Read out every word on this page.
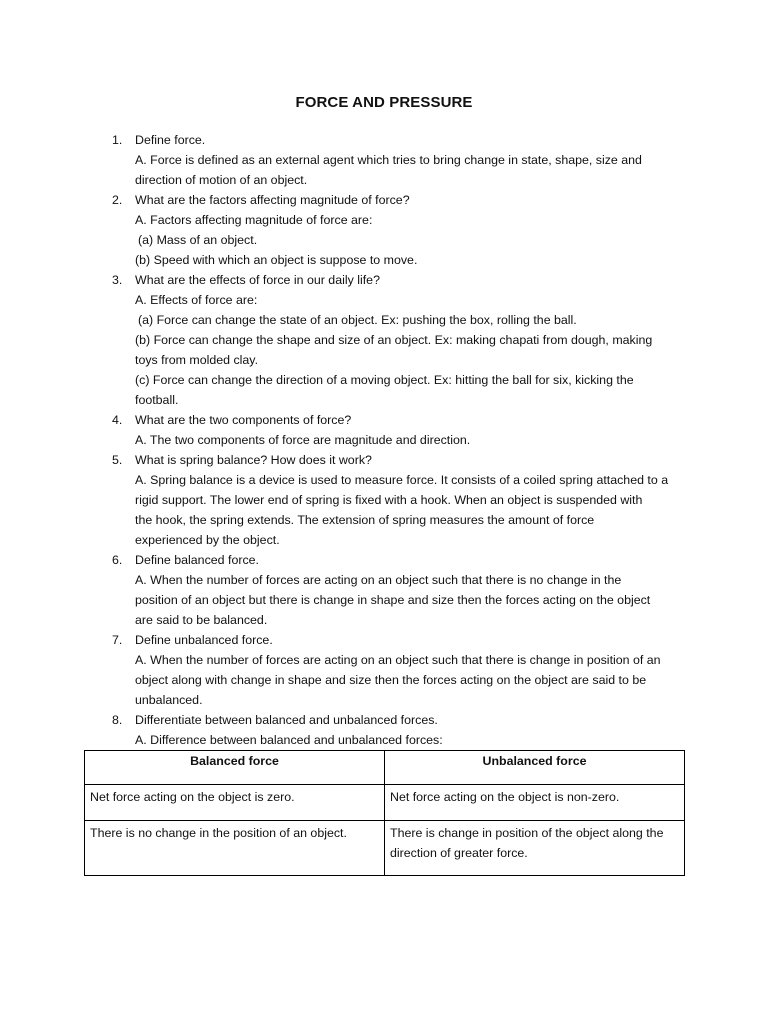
FORCE AND PRESSURE
1. Define force.
A. Force is defined as an external agent which tries to bring change in state, shape, size and
direction of motion of an object.
2. What are the factors affecting magnitude of force?
A. Factors affecting magnitude of force are:
(a) Mass of an object.
(b) Speed with which an object is suppose to move.
3. What are the effects of force in our daily life?
A. Effects of force are:
(a) Force can change the state of an object. Ex: pushing the box, rolling the ball.
(b) Force can change the shape and size of an object. Ex: making chapati from dough, making
toys from molded clay.
(c) Force can change the direction of a moving object. Ex: hitting the ball for six, kicking the
football.
4. What are the two components of force?
A. The two components of force are magnitude and direction.
5. What is spring balance? How does it work?
A. Spring balance is a device is used to measure force. It consists of a coiled spring attached to a
rigid support. The lower end of spring is fixed with a hook. When an object is suspended with
the hook, the spring extends. The extension of spring measures the amount of force
experienced by the object.
6. Define balanced force.
A. When the number of forces are acting on an object such that there is no change in the
position of an object but there is change in shape and size then the forces acting on the object
are said to be balanced.
7. Define unbalanced force.
A. When the number of forces are acting on an object such that there is change in position of an
object along with change in shape and size then the forces acting on the object are said to be
unbalanced.
8. Differentiate between balanced and unbalanced forces.
A. Difference between balanced and unbalanced forces:
Balanced force	Unbalanced force
Net force acting on the object is zero.	Net force acting on the object is non-zero.
There is no change in the position of an object.	There is change in position of the object along the direction of greater force.
